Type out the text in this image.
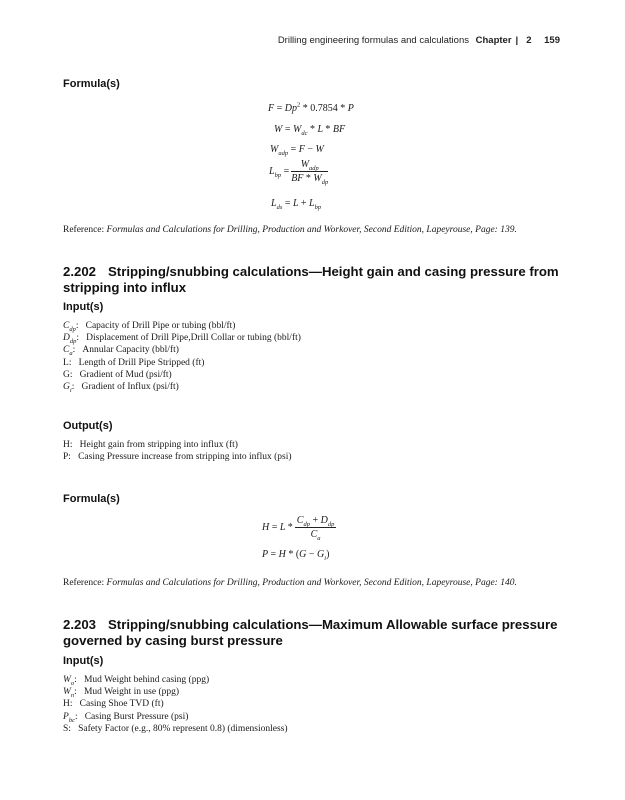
Drilling engineering formulas and calculations Chapter | 2 159
Formula(s)
$F = Dp^2 * 0.7854 * P$
$W = W_{dc} * L$ * BF
$W_{adp} = F - W$
$L_{bp} = \frac{W_{adp}}{BF * W_{dp}}$
$L_{ds} = L + L_{bp}$
Reference: Formulas and Calculations for Drilling, Production and Workover, Second Edition, Lapeyrouse, Page: 139.
2.202 Stripping/snubbing calculations—Height gain and casing pressure from stripping into influx
Input(s)
$C_{dp}$:   Capacity of Drill Pipe or tubing (bbl/ft)
$D_{dp}$:   Displacement of Drill Pipe,Drill Collar or tubing (bbl/ft)
$C_a$:   Annular Capacity (bbl/ft)
L:   Length of Drill Pipe Stripped (ft)
G:   Gradient of Mud (psi/ft)
$G_i$:   Gradient of Influx (psi/ft)
Output(s)
H:   Height gain from stripping into influx (ft)
P:   Casing Pressure increase from stripping into influx (psi)
Formula(s)
$H = L * \frac{C_{dp} + D_{dp}}{C_a}$
$P = H * (G - G_i)$
Reference: Formulas and Calculations for Drilling, Production and Workover, Second Edition, Lapeyrouse, Page: 140.
2.203 Stripping/snubbing calculations—Maximum Allowable surface pressure governed by casing burst pressure
Input(s)
$W_o$:   Mud Weight behind casing (ppg)
$W_n$:   Mud Weight in use (ppg)
H:   Casing Shoe TVD (ft)
$P_{bc}$:   Casing Burst Pressure (psi)
S:   Safety Factor (e.g., 80% represent 0.8) (dimensionless)
